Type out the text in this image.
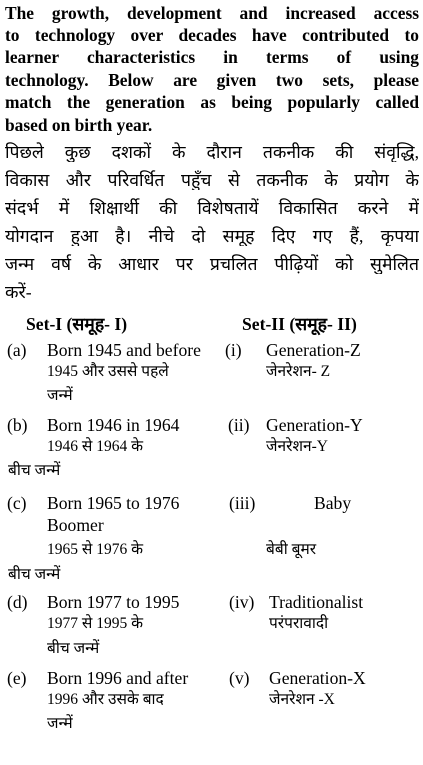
The growth, development and increased access
to technology over decades have contributed to
learner characteristics in terms of using
technology. Below are given two sets, please
match the generation as being popularly called
based on birth year.
पिछले कुछ दशकों के दौरान तकनीक की संवृद्धि,
विकास और परिवर्धित पहुँच से तकनीक के प्रयोग के
संदर्भ में शिक्षार्थी की विशेषतायें विकासित करने में
योगदान हुआ है। नीचे दो समूह दिए गए हैं, कृपया
जन्म वर्ष के आधार पर प्रचलित पीढ़ियों को सुमेलित
करें-
Set-I (समूह- I)	Set-II (समूह- II)
(a) Born 1945 and before
1945 और उससे पहले
जन्में
(i) Generation-Z
जेनरेशन- Z
(b) Born 1946 in 1964
1946 से 1964 के
बीच जन्में
(ii) Generation-Y
जेनरेशन-Y
(c) Born 1965 to 1976
Boomer
1965 से 1976 के
बीच जन्में
(iii)	Baby
बेबी बूमर
(d) Born 1977 to 1995
1977 से 1995 के
बीच जन्में
(iv) Traditionalist
परंपरावादी
(e) Born 1996 and after
1996 और उसके बाद
जन्में
(v) Generation-X
जेनरेशन -X
